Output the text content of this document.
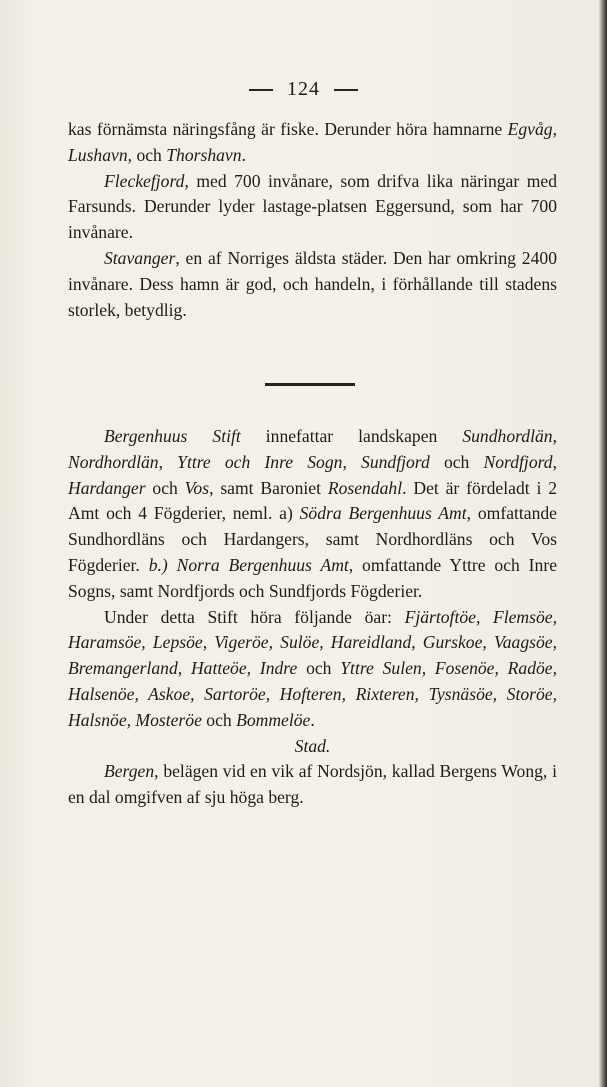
124

kas förnämsta näringsfång är fiske. Derunder höra hamnarne Egvåg, Lushavn, och Thorshavn.

Fleckefjord, med 700 invånare, som drifva lika näringar med Farsunds. Derunder lyder lastage-platsen Eggersund, som har 700 invånare.

Stavanger, en af Norriges äldsta städer. Den har omkring 2400 invånare. Dess hamn är god, och handeln, i förhållande till stadens storlek, betydlig.

Bergenhuus Stift innefattar landskapen Sundhordlän, Nordhordlän, Yttre och Inre Sogn, Sundfjord och Nordfjord, Hardanger och Vos, samt Baroniet Rosendahl. Det är fördeladt i 2 Amt och 4 Fögderier, neml. a) Södra Bergenhuus Amt, omfattande Sundhordläns och Hardangers, samt Nordhordläns och Vos Fögderier. b.) Norra Bergenhuus Amt, omfattande Yttre och Inre Sogns, samt Nordfjords och Sundfjords Fögderier.

Under detta Stift höra följande öar: Fjärtoftöe, Flemsöe, Haramsöe, Lepsöe, Vigeröe, Sulöe, Hareidland, Gurskoe, Vaagsöe, Bremangerland, Hatteöe, Indre och Yttre Sulen, Fosenöe, Radöe, Halsenöe, Askoe, Sartoröe, Hofteren, Rixteren, Tysnäsöe, Storöe, Halsnöe, Mosteröe och Bommelöe.

Stad.

Bergen, belägen vid en vik af Nordsjön, kallad Bergens Wong, i en dal omgifven af sju höga berg.
